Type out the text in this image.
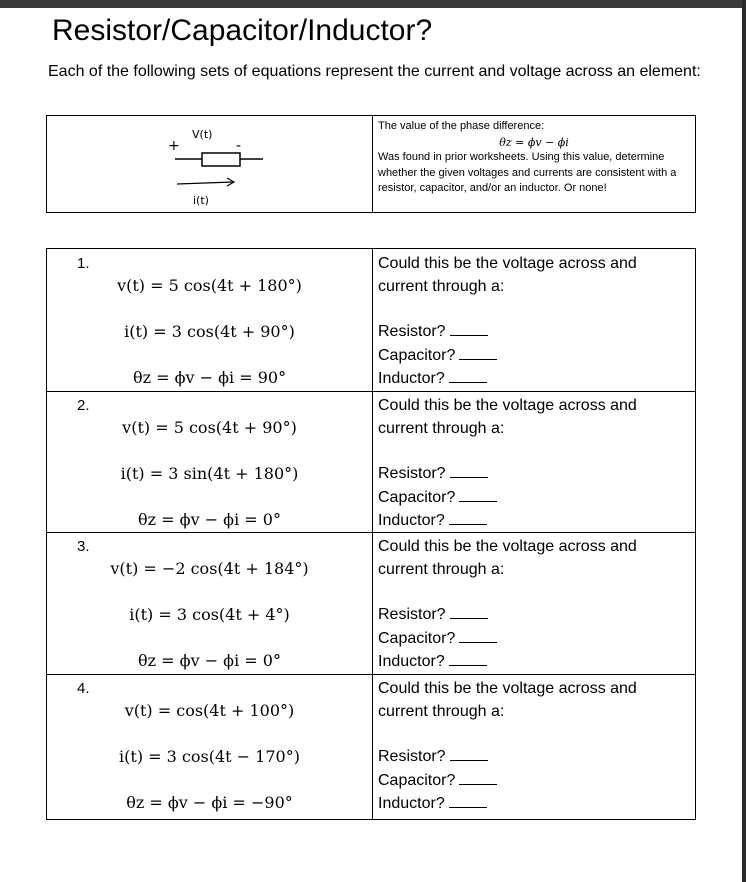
Resistor/Capacitor/Inductor?
Each of the following sets of equations represent the current and voltage across an element:
+	-
V(t)
i(t)
The value of the phase difference:
θz = ϕv − ϕi
Was found in prior worksheets. Using this value, determine whether the given voltages and currents are consistent with a resistor, capacitor, and/or an inductor. Or none!
1.
v(t) = 5 cos(4t + 180°)
i(t) = 3 cos(4t + 90°)
θz = ϕv − ϕi = 90°
Could this be the voltage across and current through a:
Resistor?
Capacitor?
Inductor?
2.
v(t) = 5 cos(4t + 90°)
i(t) = 3 sin(4t + 180°)
θz = ϕv − ϕi = 0°
Could this be the voltage across and current through a:
Resistor?
Capacitor?
Inductor?
3.
v(t) = −2 cos(4t + 184°)
i(t) = 3 cos(4t + 4°)
θz = ϕv − ϕi = 0°
Could this be the voltage across and current through a:
Resistor?
Capacitor?
Inductor?
4.
v(t) = cos(4t + 100°)
i(t) = 3 cos(4t − 170°)
θz = ϕv − ϕi = −90°
Could this be the voltage across and current through a:
Resistor?
Capacitor?
Inductor?
